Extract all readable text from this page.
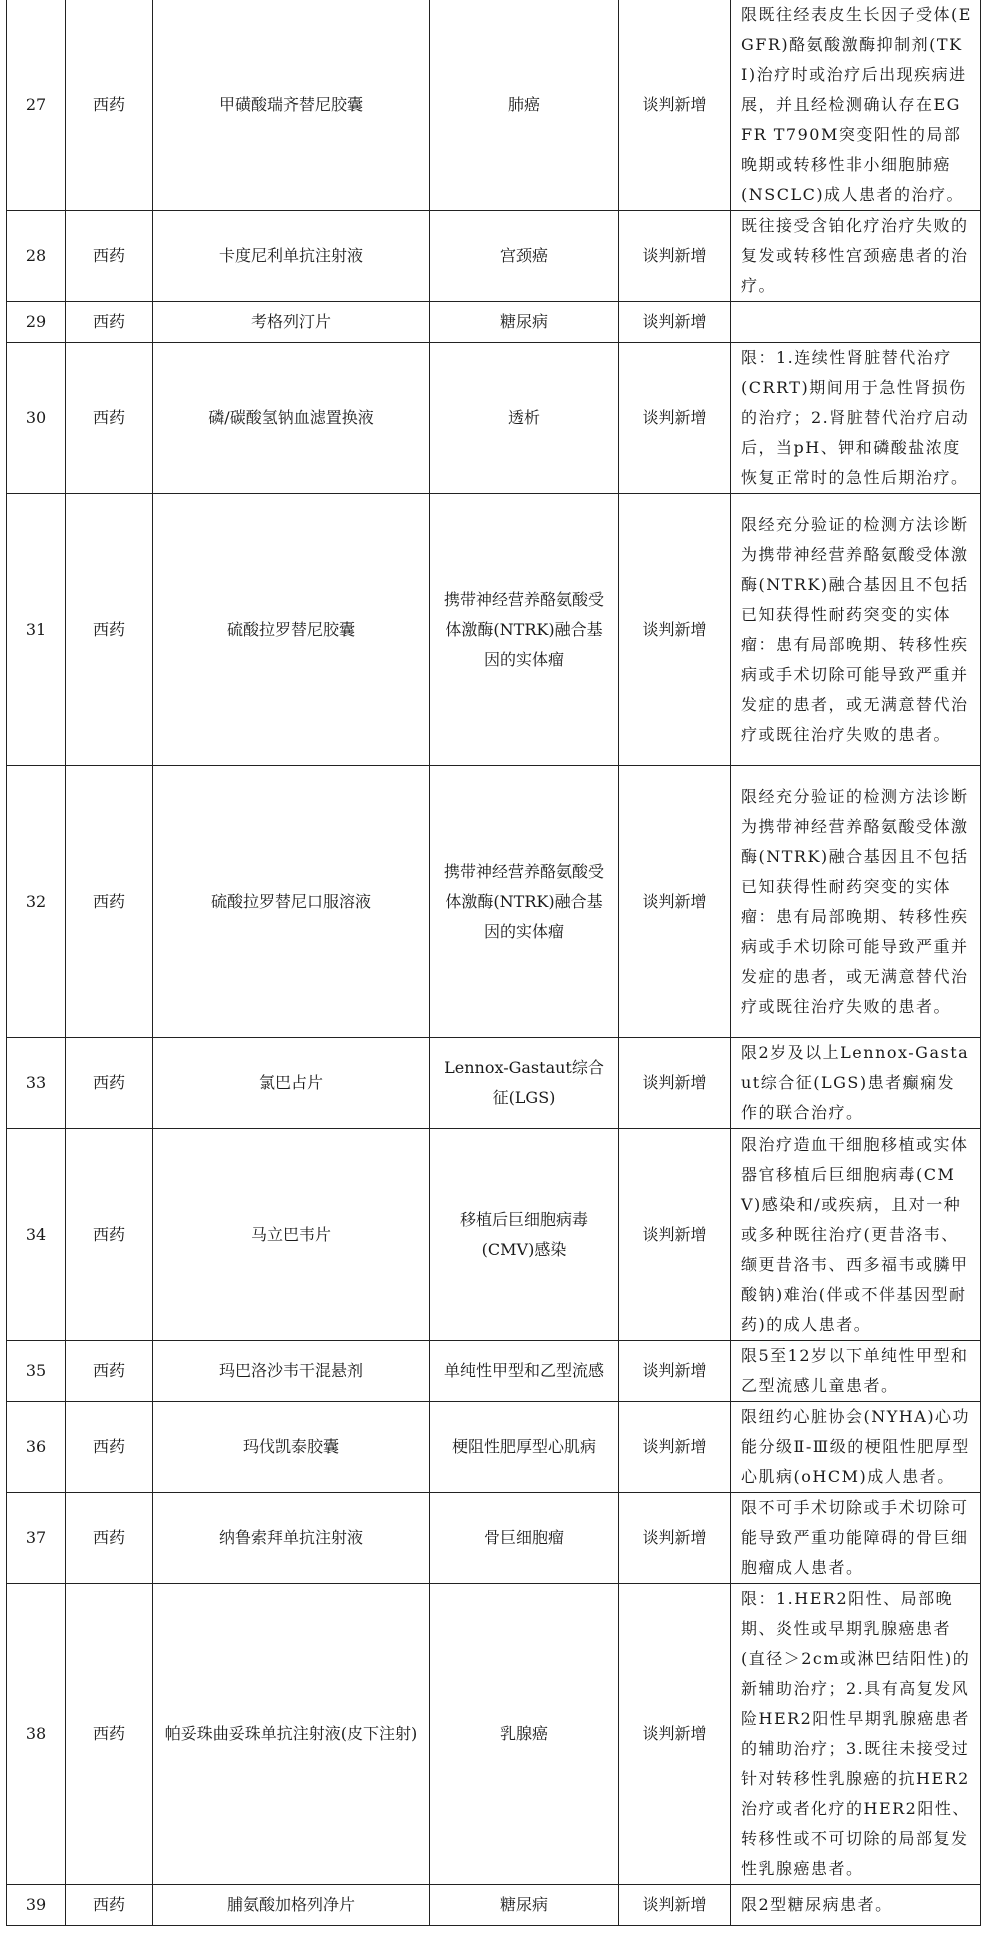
27	西药	甲磺酸瑞齐替尼胶囊	肺癌	谈判新增	限既往经表皮生长因子受体(EGFR)酪氨酸激酶抑制剂(TKI)治疗时或治疗后出现疾病进展，并且经检测确认存在EGFR T790M突变阳性的局部晚期或转移性非小细胞肺癌(NSCLC)成人患者的治疗。
28	西药	卡度尼利单抗注射液	宫颈癌	谈判新增	既往接受含铂化疗治疗失败的复发或转移性宫颈癌患者的治疗。
29	西药	考格列汀片	糖尿病	谈判新增	
30	西药	磷/碳酸氢钠血滤置换液	透析	谈判新增	限：1.连续性肾脏替代治疗(CRRT)期间用于急性肾损伤的治疗；2.肾脏替代治疗启动后，当pH、钾和磷酸盐浓度恢复正常时的急性后期治疗。
31	西药	硫酸拉罗替尼胶囊	携带神经营养酪氨酸受体激酶(NTRK)融合基因的实体瘤	谈判新增	限经充分验证的检测方法诊断为携带神经营养酪氨酸受体激酶(NTRK)融合基因且不包括已知获得性耐药突变的实体瘤：患有局部晚期、转移性疾病或手术切除可能导致严重并发症的患者，或无满意替代治疗或既往治疗失败的患者。
32	西药	硫酸拉罗替尼口服溶液	携带神经营养酪氨酸受体激酶(NTRK)融合基因的实体瘤	谈判新增	限经充分验证的检测方法诊断为携带神经营养酪氨酸受体激酶(NTRK)融合基因且不包括已知获得性耐药突变的实体瘤：患有局部晚期、转移性疾病或手术切除可能导致严重并发症的患者，或无满意替代治疗或既往治疗失败的患者。
33	西药	氯巴占片	Lennox-Gastaut综合征(LGS)	谈判新增	限2岁及以上Lennox-Gastaut综合征(LGS)患者癫痫发作的联合治疗。
34	西药	马立巴韦片	移植后巨细胞病毒(CMV)感染	谈判新增	限治疗造血干细胞移植或实体器官移植后巨细胞病毒(CMV)感染和/或疾病，且对一种或多种既往治疗(更昔洛韦、缬更昔洛韦、西多福韦或膦甲酸钠)难治(伴或不伴基因型耐药)的成人患者。
35	西药	玛巴洛沙韦干混悬剂	单纯性甲型和乙型流感	谈判新增	限5至12岁以下单纯性甲型和乙型流感儿童患者。
36	西药	玛伐凯泰胶囊	梗阻性肥厚型心肌病	谈判新增	限纽约心脏协会(NYHA)心功能分级Ⅱ-Ⅲ级的梗阻性肥厚型心肌病(oHCM)成人患者。
37	西药	纳鲁索拜单抗注射液	骨巨细胞瘤	谈判新增	限不可手术切除或手术切除可能导致严重功能障碍的骨巨细胞瘤成人患者。
38	西药	帕妥珠曲妥珠单抗注射液(皮下注射)	乳腺癌	谈判新增	限：1.HER2阳性、局部晚期、炎性或早期乳腺癌患者(直径＞2cm或淋巴结阳性)的新辅助治疗；2.具有高复发风险HER2阳性早期乳腺癌患者的辅助治疗；3.既往未接受过针对转移性乳腺癌的抗HER2治疗或者化疗的HER2阳性、转移性或不可切除的局部复发性乳腺癌患者。
39	西药	脯氨酸加格列净片	糖尿病	谈判新增	限2型糖尿病患者。
